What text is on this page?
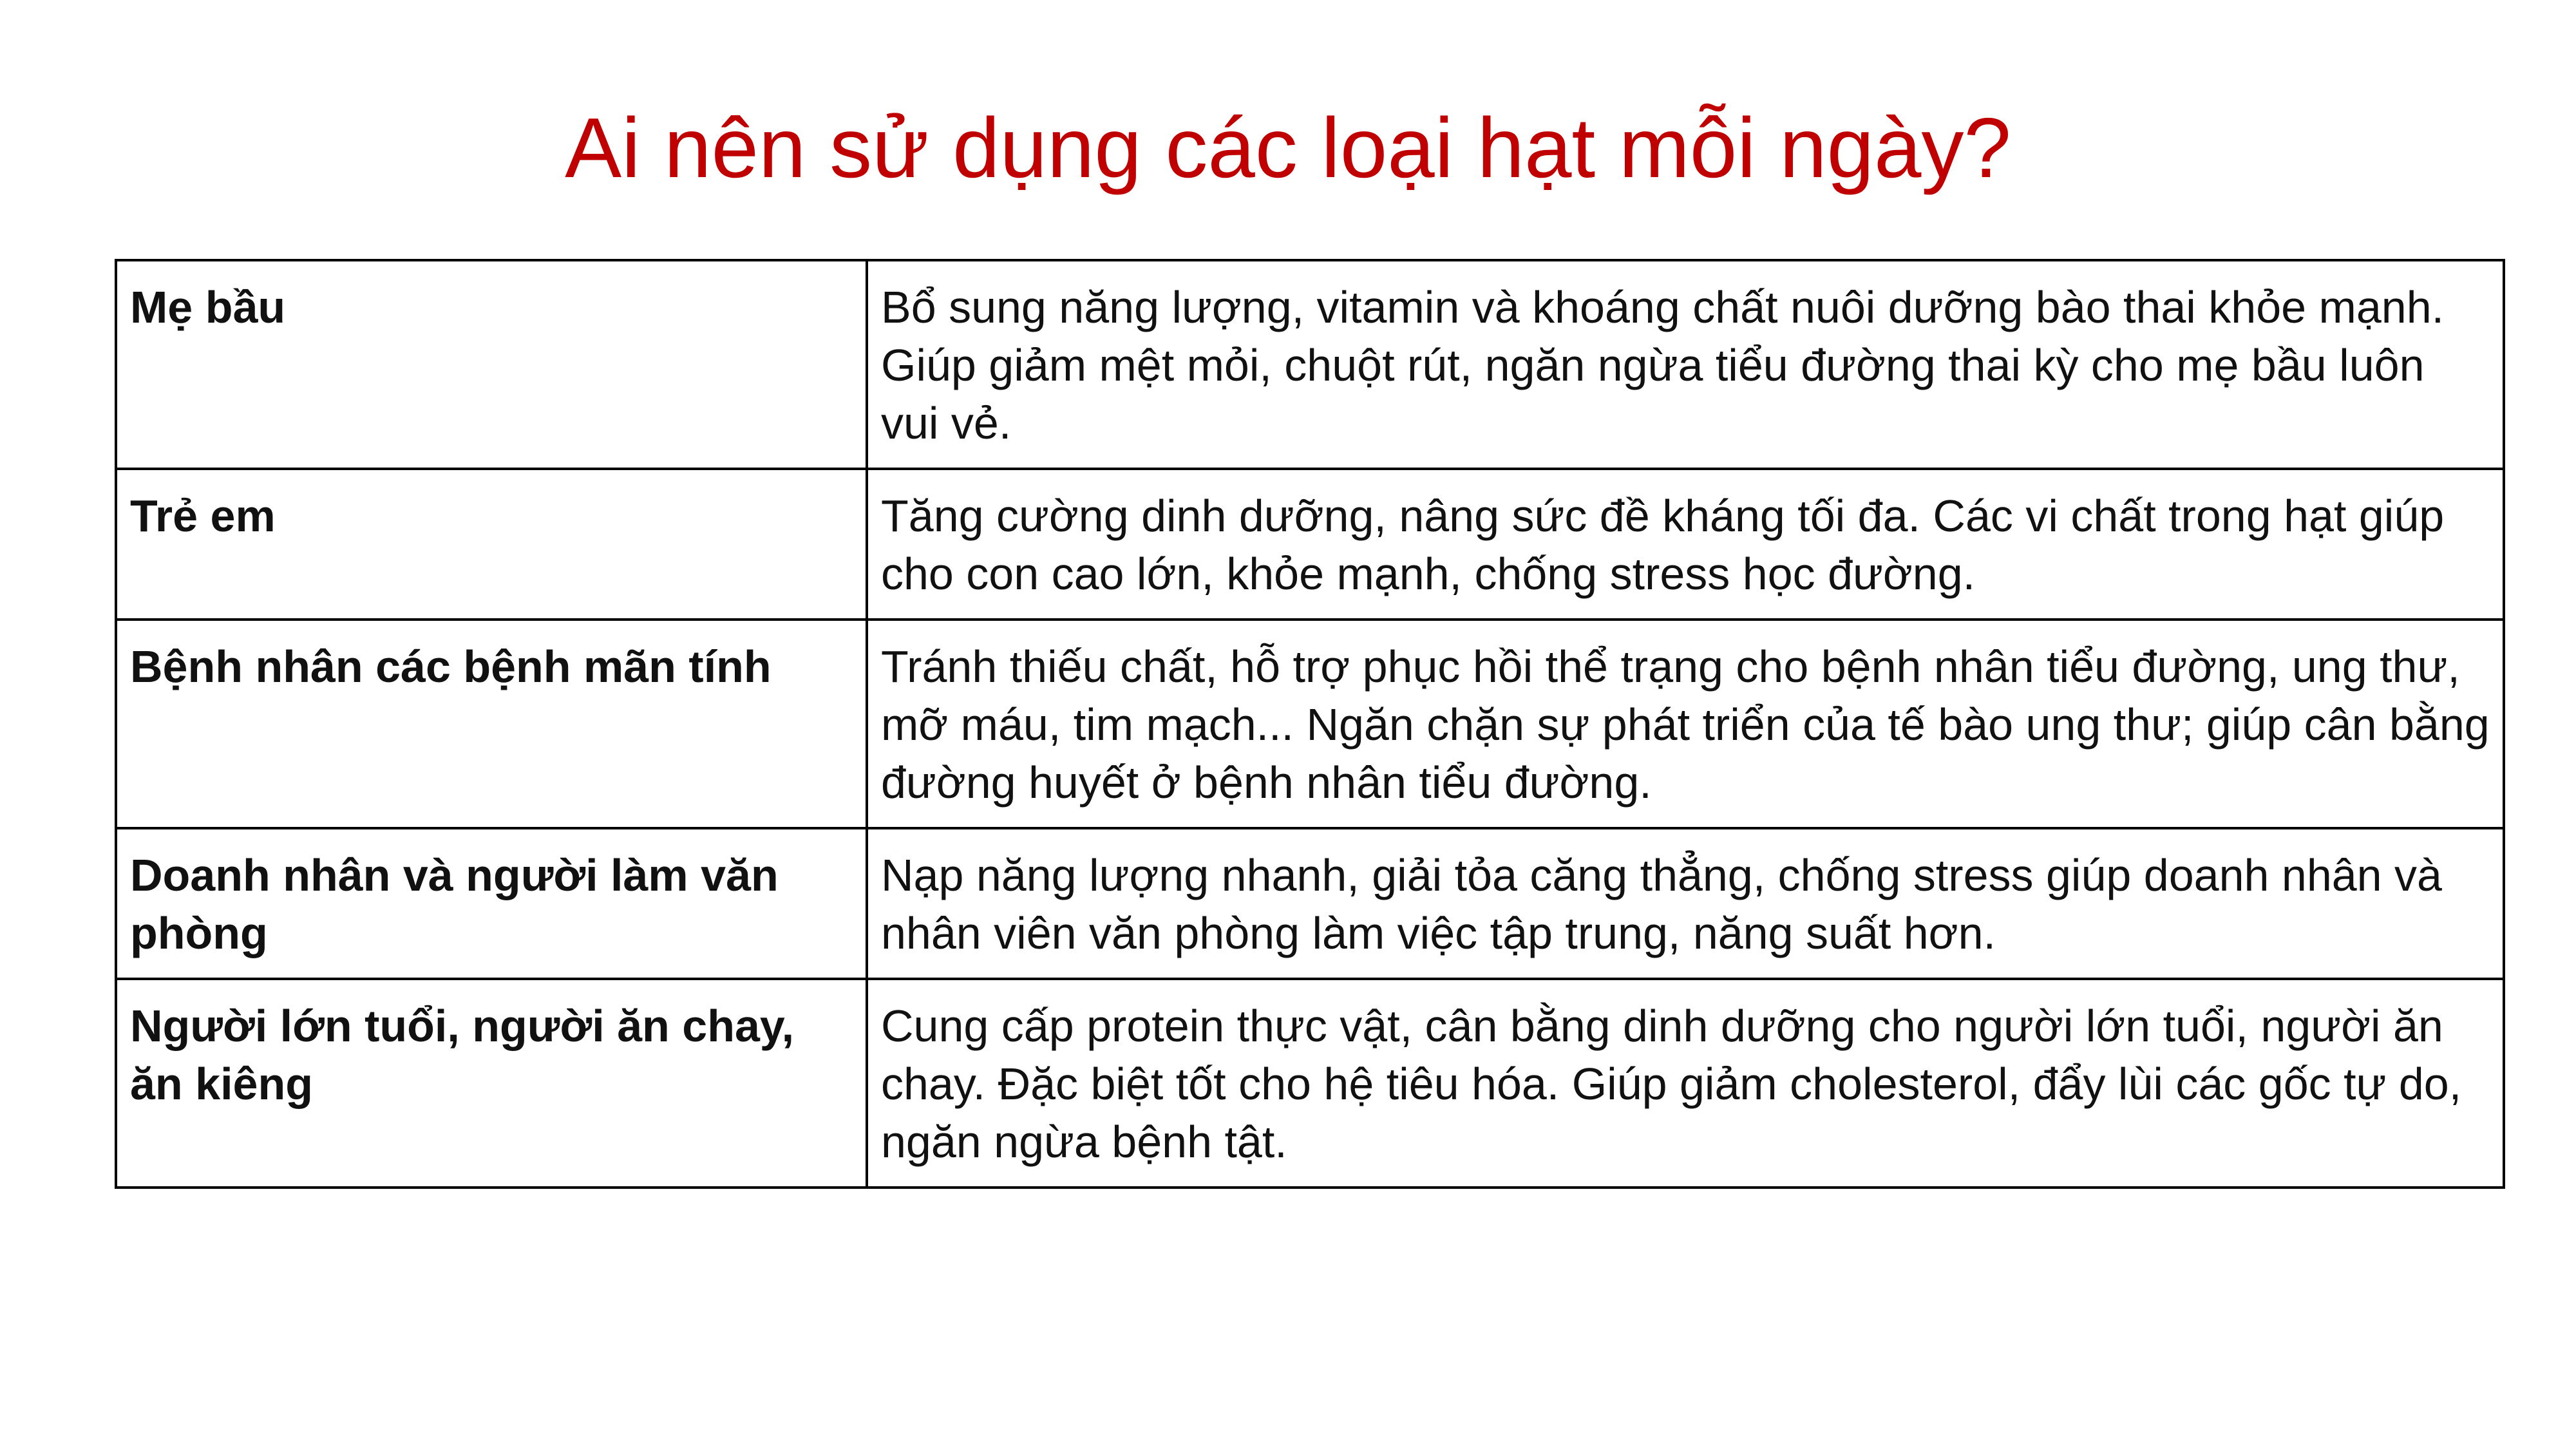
Ai nên sử dụng các loại hạt mỗi ngày?
Mẹ bầu	Bổ sung năng lượng, vitamin và khoáng chất nuôi dưỡng bào thai khỏe mạnh. Giúp giảm mệt mỏi, chuột rút, ngăn ngừa tiểu đường thai kỳ cho mẹ bầu luôn vui vẻ.
Trẻ em	Tăng cường dinh dưỡng, nâng sức đề kháng tối đa. Các vi chất trong hạt giúp cho con cao lớn, khỏe mạnh, chống stress học đường.
Bệnh nhân các bệnh mãn tính	Tránh thiếu chất, hỗ trợ phục hồi thể trạng cho bệnh nhân tiểu đường, ung thư, mỡ máu, tim mạch... Ngăn chặn sự phát triển của tế bào ung thư; giúp cân bằng đường huyết ở bệnh nhân tiểu đường.
Doanh nhân và người làm văn phòng	Nạp năng lượng nhanh, giải tỏa căng thẳng, chống stress giúp doanh nhân và nhân viên văn phòng làm việc tập trung, năng suất hơn.
Người lớn tuổi, người ăn chay, ăn kiêng	Cung cấp protein thực vật, cân bằng dinh dưỡng cho người lớn tuổi, người ăn chay. Đặc biệt tốt cho hệ tiêu hóa. Giúp giảm cholesterol, đẩy lùi các gốc tự do, ngăn ngừa bệnh tật.
